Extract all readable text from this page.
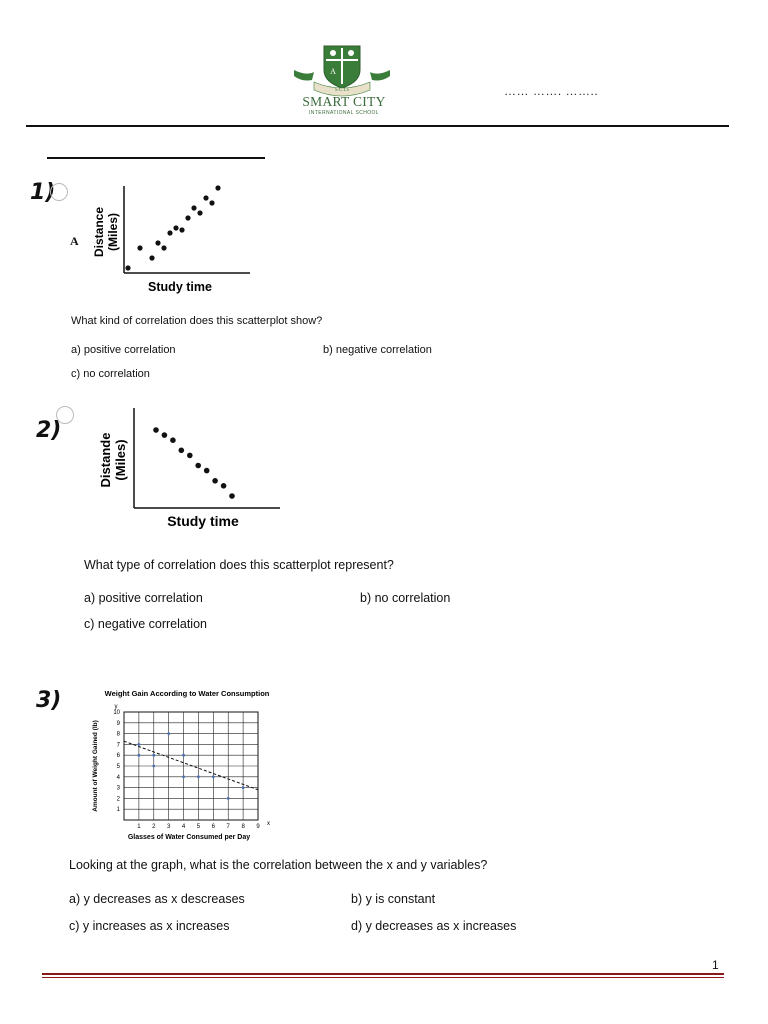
A
S.C.I.S
SMART CITY
INTERNATIONAL SCHOOL
…… ……. ……..
1)
A
Study time
Distance (Miles)
What kind of correlation does this scatterplot show?
a) positive correlation	b) negative correlation
c) no correlation
2)
Study time
Distande (Miles)
What type of correlation does this scatterplot represent?
a) positive correlation	b) no correlation
c) negative correlation
3)	Weight Gain According to Water Consumption
y
1 2 3 4 5 6 7 8 9
1
2
3
4
5
6
7
8
9
10
x
Glasses of Water Consumed per Day
Amount of Weight Gained (lb)
Looking at the graph, what is the correlation between the x and y variables?
a) y decreases as x descreases	b) y is constant
c) y increases as x increases	d) y decreases as x increases
1
